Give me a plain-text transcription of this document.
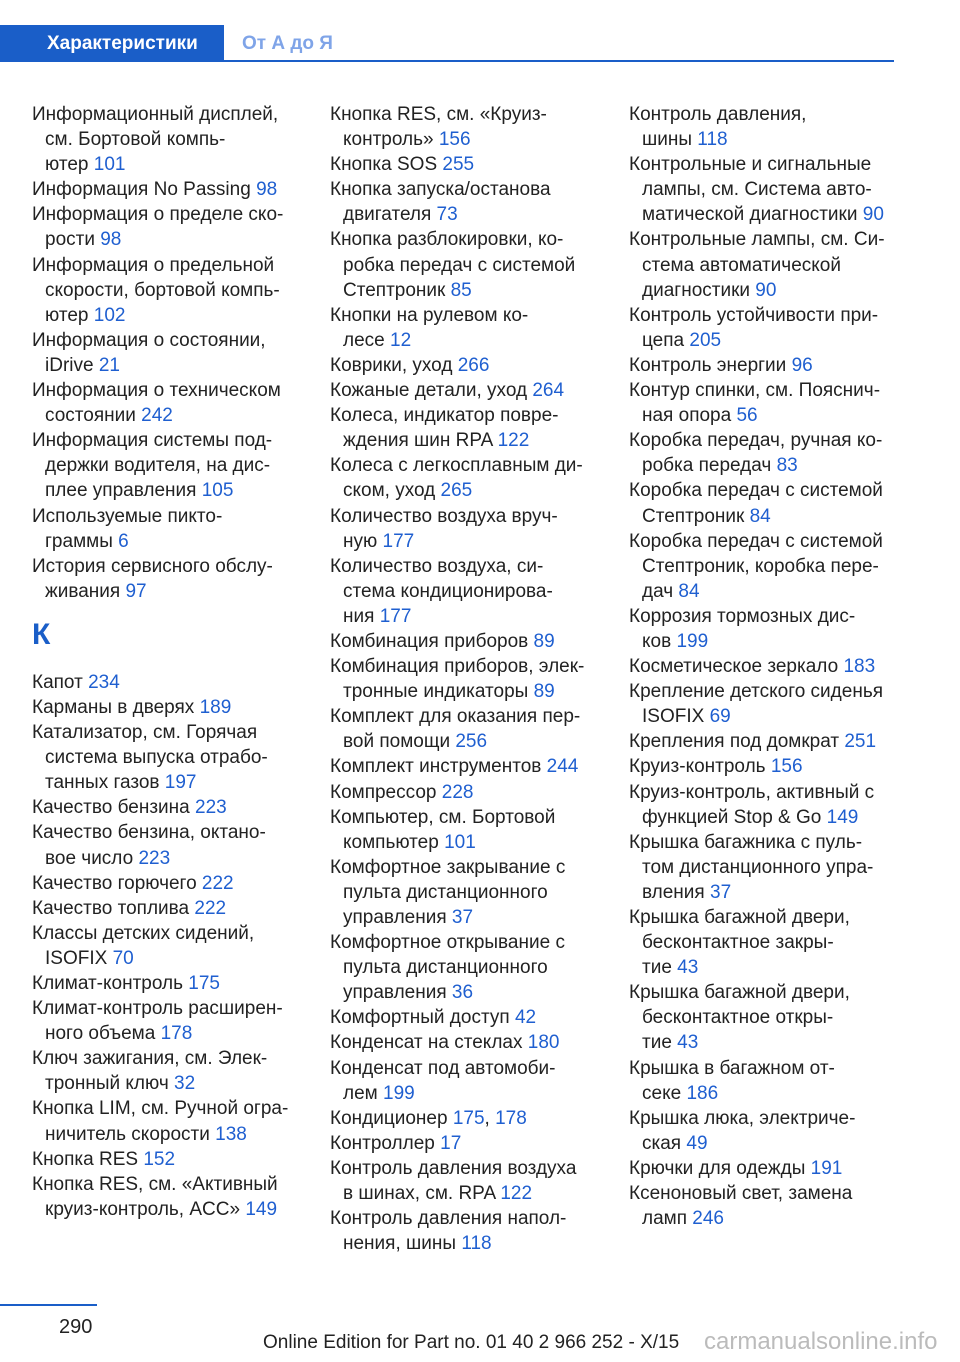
Характеристики	От А до Я
Информационный дисплей,
см. Бортовой компь-
ютер 101
Информация No Passing 98
Информация о пределе ско-
рости 98
Информация о предельной
скорости, бортовой компь-
ютер 102
Информация о состоянии,
iDrive 21
Информация о техническом
состоянии 242
Информация системы под-
держки водителя, на дис-
плее управления 105
Используемые пикто-
граммы 6
История сервисного обслу-
живания 97
К
Капот 234
Карманы в дверях 189
Катализатор, см. Горячая
система выпуска отрабо-
танных газов 197
Качество бензина 223
Качество бензина, октано-
вое число 223
Качество горючего 222
Качество топлива 222
Классы детских сидений,
ISOFIX 70
Климат-контроль 175
Климат-контроль расширен-
ного объема 178
Ключ зажигания, см. Элек-
тронный ключ 32
Кнопка LIM, см. Ручной огра-
ничитель скорости 138
Кнопка RES 152
Кнопка RES, см. «Активный
круиз-контроль, ACC» 149
Кнопка RES, см. «Круиз-
контроль» 156
Кнопка SOS 255
Кнопка запуска/останова
двигателя 73
Кнопка разблокировки, ко-
робка передач с системой
Стептроник 85
Кнопки на рулевом ко-
лесе 12
Коврики, уход 266
Кожаные детали, уход 264
Колеса, индикатор повре-
ждения шин RPA 122
Колеса с легкосплавным ди-
ском, уход 265
Количество воздуха вруч-
ную 177
Количество воздуха, си-
стема кондиционирова-
ния 177
Комбинация приборов 89
Комбинация приборов, элек-
тронные индикаторы 89
Комплект для оказания пер-
вой помощи 256
Комплект инструментов 244
Компрессор 228
Компьютер, см. Бортовой
компьютер 101
Комфортное закрывание с
пульта дистанционного
управления 37
Комфортное открывание с
пульта дистанционного
управления 36
Комфортный доступ 42
Конденсат на стеклах 180
Конденсат под автомоби-
лем 199
Кондиционер 175, 178
Контроллер 17
Контроль давления воздуха
в шинах, см. RPA 122
Контроль давления напол-
нения, шины 118
Контроль давления,
шины 118
Контрольные и сигнальные
лампы, см. Система авто-
матической диагностики 90
Контрольные лампы, см. Си-
стема автоматической
диагностики 90
Контроль устойчивости при-
цепа 205
Контроль энергии 96
Контур спинки, см. Пояснич-
ная опора 56
Коробка передач, ручная ко-
робка передач 83
Коробка передач с системой
Стептроник 84
Коробка передач с системой
Стептроник, коробка пере-
дач 84
Коррозия тормозных дис-
ков 199
Косметическое зеркало 183
Крепление детского сиденья
ISOFIX 69
Крепления под домкрат 251
Круиз-контроль 156
Круиз-контроль, активный с
функцией Stop & Go 149
Крышка багажника с пуль-
том дистанционного упра-
вления 37
Крышка багажной двери,
бесконтактное закры-
тие 43
Крышка багажной двери,
бесконтактное откры-
тие 43
Крышка в багажном от-
секе 186
Крышка люка, электриче-
ская 49
Крючки для одежды 191
Ксеноновый свет, замена
ламп 246
290
Online Edition for Part no. 01 40 2 966 252 - X/15 carmanualsonline.info
